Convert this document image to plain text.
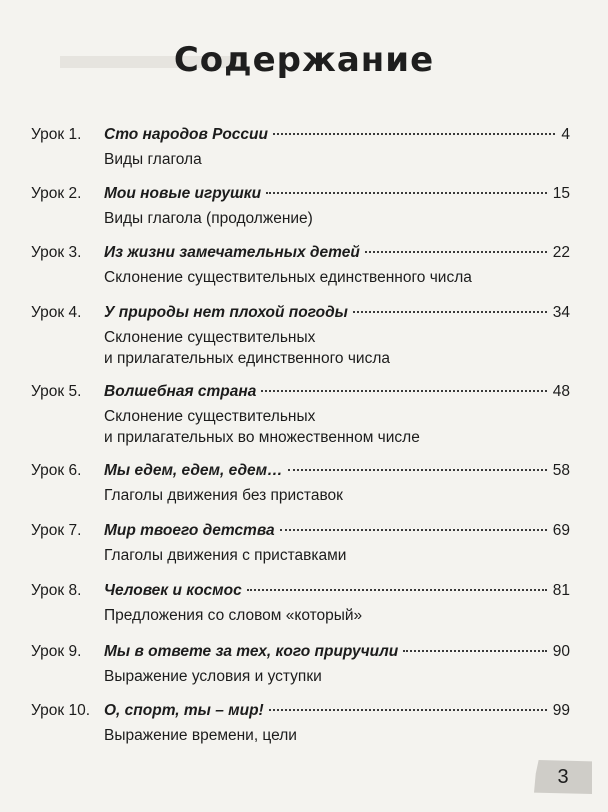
Содержание
Урок 1. Сто народов России	4
Виды глагола
Урок 2. Мои новые игрушки	15
Виды глагола (продолжение)
Урок 3. Из жизни замечательных детей	22
Склонение существительных единственного числа
Урок 4. У природы нет плохой погоды	34
Склонение существительных
и прилагательных единственного числа
Урок 5. Волшебная страна	48
Склонение существительных
и прилагательных во множественном числе
Урок 6. Мы едем, едем, едем…	58
Глаголы движения без приставок
Урок 7. Мир твоего детства	69
Глаголы движения с приставками
Урок 8. Человек и космос	81
Предложения со словом «который»
Урок 9. Мы в ответе за тех, кого приручили	90
Выражение условия и уступки
Урок 10. О, спорт, ты – мир!	99
Выражение времени, цели
3
